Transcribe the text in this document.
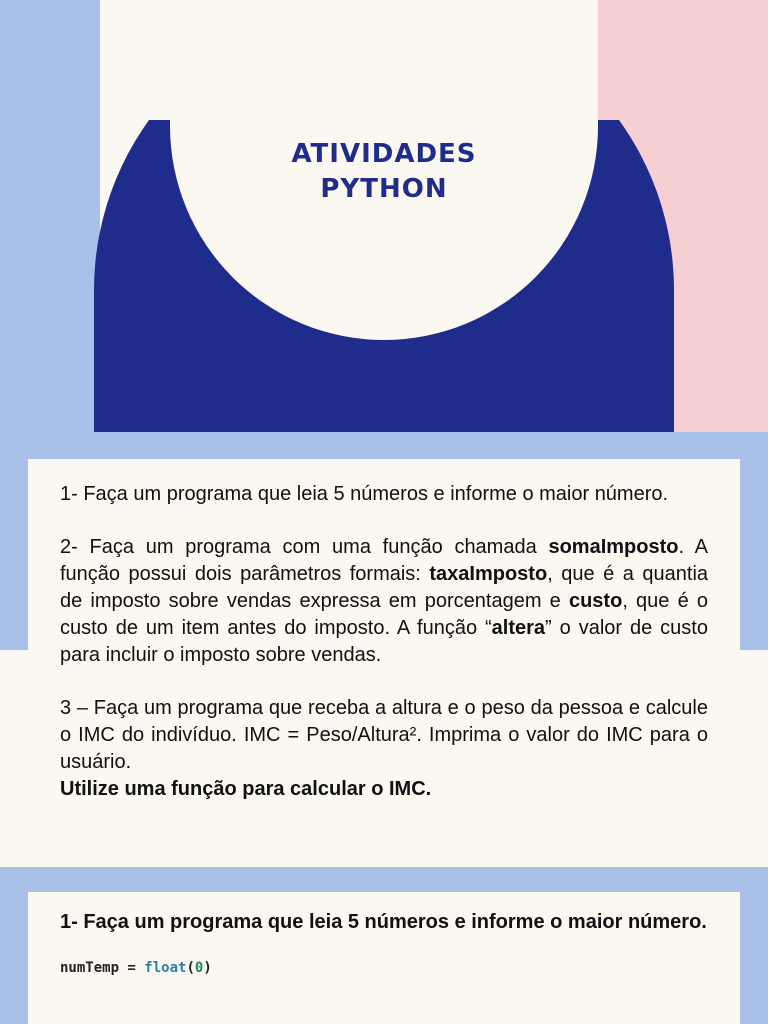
ATIVIDADES
PYTHON

1- Faça um programa que leia 5 números e informe o maior número.

2- Faça um programa com uma função chamada somaImposto. A função possui dois parâmetros formais: taxaImposto, que é a quantia de imposto sobre vendas expressa em porcentagem e custo, que é o custo de um item antes do imposto. A função “altera” o valor de custo para incluir o imposto sobre vendas.

3 – Faça um programa que receba a altura e o peso da pessoa e calcule o IMC do indivíduo. IMC = Peso/Altura². Imprima o valor do IMC para o usuário.

Utilize uma função para calcular o IMC.

1- Faça um programa que leia 5 números e informe o maior número.

numTemp = float(0)
